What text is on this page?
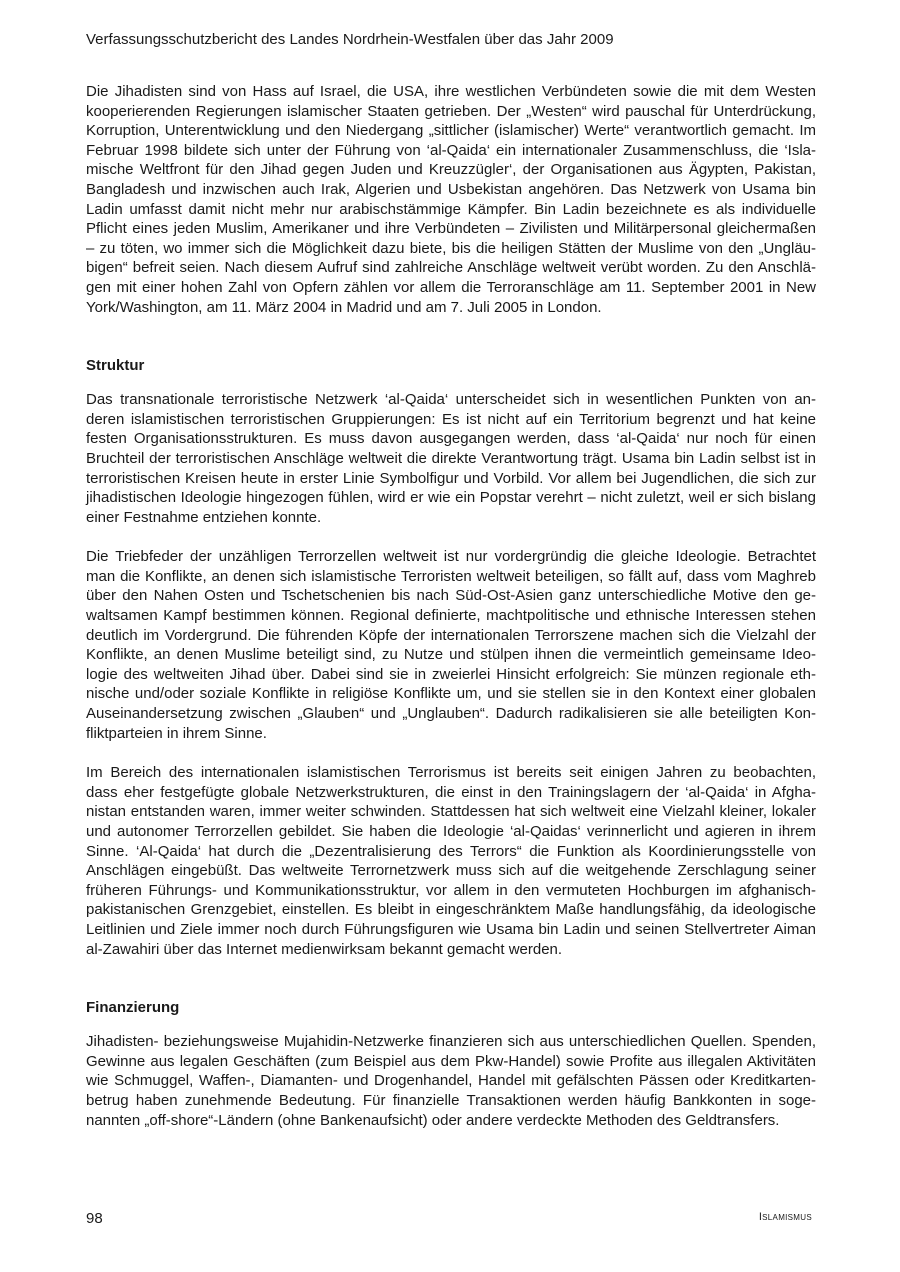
Verfassungsschutzbericht des Landes Nordrhein-Westfalen über das Jahr 2009

Die Jihadisten sind von Hass auf Israel, die USA, ihre westlichen Verbündeten sowie die mit dem Westen
kooperierenden Regierungen islamischer Staaten getrieben. Der „Westen“ wird pauschal für Unterdrückung,
Korruption, Unterentwicklung und den Niedergang „sittlicher (islamischer) Werte“ verantwortlich gemacht. Im
Februar 1998 bildete sich unter der Führung von ‘al-Qaida‘ ein internationaler Zusammenschluss, die ‘Isla-
mische Weltfront für den Jihad gegen Juden und Kreuzzügler‘, der Organisationen aus Ägypten, Pakistan,
Bangladesh und inzwischen auch Irak, Algerien und Usbekistan angehören. Das Netzwerk von Usama bin
Ladin umfasst damit nicht mehr nur arabischstämmige Kämpfer. Bin Ladin bezeichnete es als individuelle
Pflicht eines jeden Muslim, Amerikaner und ihre Verbündeten – Zivilisten und Militärpersonal gleichermaßen
– zu töten, wo immer sich die Möglichkeit dazu biete, bis die heiligen Stätten der Muslime von den „Ungläu-
bigen“ befreit seien. Nach diesem Aufruf sind zahlreiche Anschläge weltweit verübt worden. Zu den Anschlä-
gen mit einer hohen Zahl von Opfern zählen vor allem die Terroranschläge am 11. September 2001 in New
York/Washington, am 11. März 2004 in Madrid und am 7. Juli 2005 in London.

Struktur

Das transnationale terroristische Netzwerk ‘al-Qaida‘ unterscheidet sich in wesentlichen Punkten von an-
deren islamistischen terroristischen Gruppierungen: Es ist nicht auf ein Territorium begrenzt und hat keine
festen Organisationsstrukturen. Es muss davon ausgegangen werden, dass ‘al-Qaida‘ nur noch für einen
Bruchteil der terroristischen Anschläge weltweit die direkte Verantwortung trägt. Usama bin Ladin selbst ist in
terroristischen Kreisen heute in erster Linie Symbolfigur und Vorbild. Vor allem bei Jugendlichen, die sich zur
jihadistischen Ideologie hingezogen fühlen, wird er wie ein Popstar verehrt – nicht zuletzt, weil er sich bislang
einer Festnahme entziehen konnte.

Die Triebfeder der unzähligen Terrorzellen weltweit ist nur vordergründig die gleiche Ideologie. Betrachtet
man die Konflikte, an denen sich islamistische Terroristen weltweit beteiligen, so fällt auf, dass vom Maghreb
über den Nahen Osten und Tschetschenien bis nach Süd-Ost-Asien ganz unterschiedliche Motive den ge-
waltsamen Kampf bestimmen können. Regional definierte, machtpolitische und ethnische Interessen stehen
deutlich im Vordergrund. Die führenden Köpfe der internationalen Terrorszene machen sich die Vielzahl der
Konflikte, an denen Muslime beteiligt sind, zu Nutze und stülpen ihnen die vermeintlich gemeinsame Ideo-
logie des weltweiten Jihad über. Dabei sind sie in zweierlei Hinsicht erfolgreich: Sie münzen regionale eth-
nische und/oder soziale Konflikte in religiöse Konflikte um, und sie stellen sie in den Kontext einer globalen
Auseinandersetzung zwischen „Glauben“ und „Unglauben“. Dadurch radikalisieren sie alle beteiligten Kon-
fliktparteien in ihrem Sinne.

Im Bereich des internationalen islamistischen Terrorismus ist bereits seit einigen Jahren zu beobachten,
dass eher festgefügte globale Netzwerkstrukturen, die einst in den Trainingslagern der ‘al-Qaida‘ in Afgha-
nistan entstanden waren, immer weiter schwinden. Stattdessen hat sich weltweit eine Vielzahl kleiner, lokaler
und autonomer Terrorzellen gebildet. Sie haben die Ideologie ‘al-Qaidas‘ verinnerlicht und agieren in ihrem
Sinne. ‘Al-Qaida‘ hat durch die „Dezentralisierung des Terrors“ die Funktion als Koordinierungsstelle von
Anschlägen eingebüßt. Das weltweite Terrornetzwerk muss sich auf die weitgehende Zerschlagung seiner
früheren Führungs- und Kommunikationsstruktur, vor allem in den vermuteten Hochburgen im afghanisch-
pakistanischen Grenzgebiet, einstellen. Es bleibt in eingeschränktem Maße handlungsfähig, da ideologische
Leitlinien und Ziele immer noch durch Führungsfiguren wie Usama bin Ladin und seinen Stellvertreter Aiman
al-Zawahiri über das Internet medienwirksam bekannt gemacht werden.

Finanzierung

Jihadisten- beziehungsweise Mujahidin-Netzwerke finanzieren sich aus unterschiedlichen Quellen. Spenden,
Gewinne aus legalen Geschäften (zum Beispiel aus dem Pkw-Handel) sowie Profite aus illegalen Aktivitäten
wie Schmuggel, Waffen-, Diamanten- und Drogenhandel, Handel mit gefälschten Pässen oder Kreditkarten-
betrug haben zunehmende Bedeutung. Für finanzielle Transaktionen werden häufig Bankkonten in soge-
nannten „off-shore“-Ländern (ohne Bankenaufsicht) oder andere verdeckte Methoden des Geldtransfers.

98	Islamismus
